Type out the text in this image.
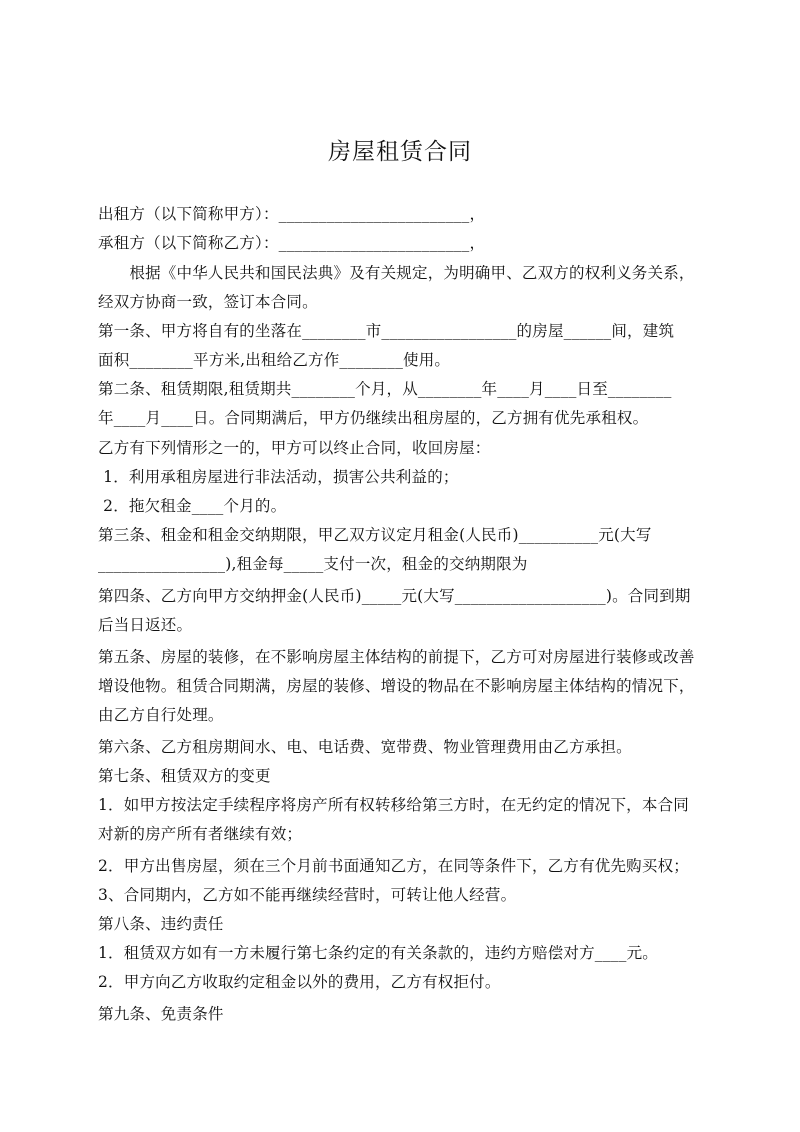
房屋租赁合同
出租方（以下简称甲方）：________________________，
承租方（以下简称乙方）：________________________，
　　根据《中华人民共和国民法典》及有关规定，为明确甲、乙双方的权利义务关系，
经双方协商一致，签订本合同。
第一条、甲方将自有的坐落在________市_________________的房屋______间，建筑
面积________平方米,出租给乙方作________使用。
第二条、租赁期限,租赁期共________个月，从________年____月____日至________
年____月____日。合同期满后，甲方仍继续出租房屋的，乙方拥有优先承租权。
乙方有下列情形之一的，甲方可以终止合同，收回房屋：
1．利用承租房屋进行非法活动，损害公共利益的；
2．拖欠租金____个月的。
第三条、租金和租金交纳期限，甲乙双方议定月租金(人民币)__________元(大写
________________),租金每_____支付一次，租金的交纳期限为
第四条、乙方向甲方交纳押金(人民币)_____元(大写___________________)。合同到期
后当日返还。
第五条、房屋的装修，在不影响房屋主体结构的前提下，乙方可对房屋进行装修或改善
增设他物。租赁合同期满，房屋的装修、增设的物品在不影响房屋主体结构的情况下，
由乙方自行处理。
第六条、乙方租房期间水、电、电话费、宽带费、物业管理费用由乙方承担。
第七条、租赁双方的变更
1．如甲方按法定手续程序将房产所有权转移给第三方时，在无约定的情况下，本合同
对新的房产所有者继续有效；
2．甲方出售房屋，须在三个月前书面通知乙方，在同等条件下，乙方有优先购买权；
3、合同期内，乙方如不能再继续经营时，可转让他人经营。
第八条、违约责任
1．租赁双方如有一方未履行第七条约定的有关条款的，违约方赔偿对方____元。
2．甲方向乙方收取约定租金以外的费用，乙方有权拒付。
第九条、免责条件
